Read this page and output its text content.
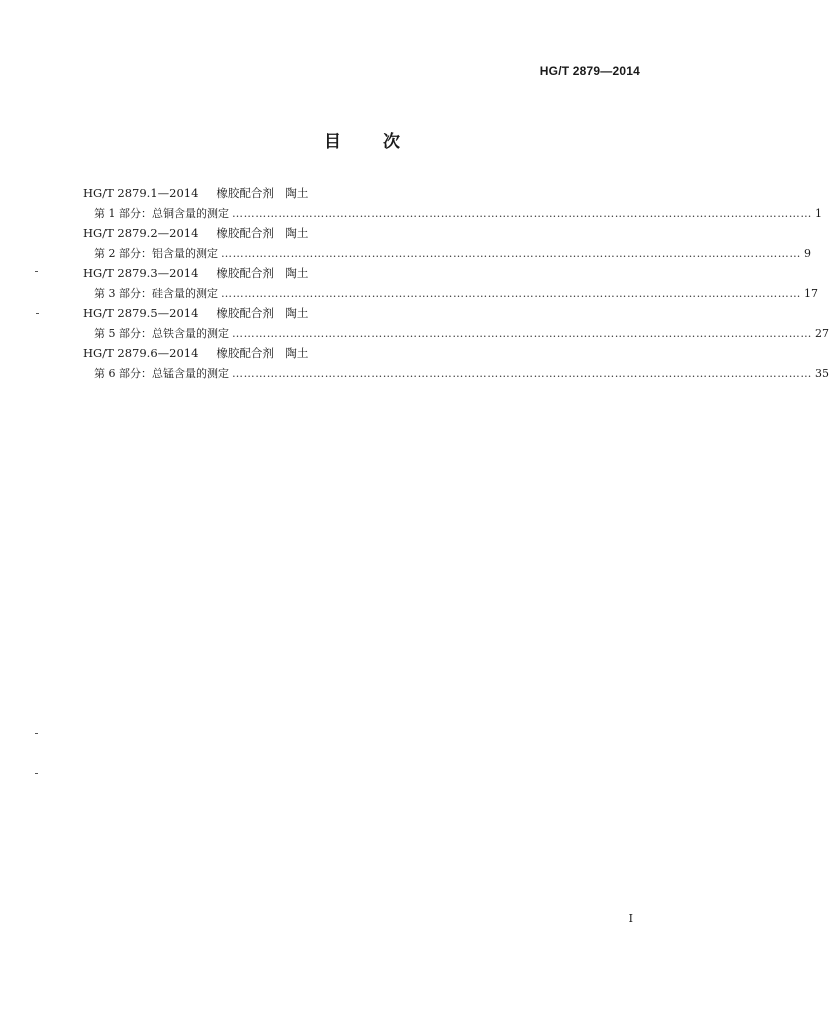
HG/T 2879—2014
目次
HG/T 2879.1—2014 橡胶配合剂　陶土
第 1 部分：总铜含量的测定 …………………………………………………………………………………………………………………………………… 1
HG/T 2879.2—2014 橡胶配合剂　陶土
第 2 部分：铝含量的测定 …………………………………………………………………………………………………………………………………… 9
HG/T 2879.3—2014 橡胶配合剂　陶土
第 3 部分：硅含量的测定 …………………………………………………………………………………………………………………………………… 17
HG/T 2879.5—2014 橡胶配合剂　陶土
第 5 部分：总铁含量的测定 …………………………………………………………………………………………………………………………………… 27
HG/T 2879.6—2014 橡胶配合剂　陶土
第 6 部分：总锰含量的测定 …………………………………………………………………………………………………………………………………… 35
I
